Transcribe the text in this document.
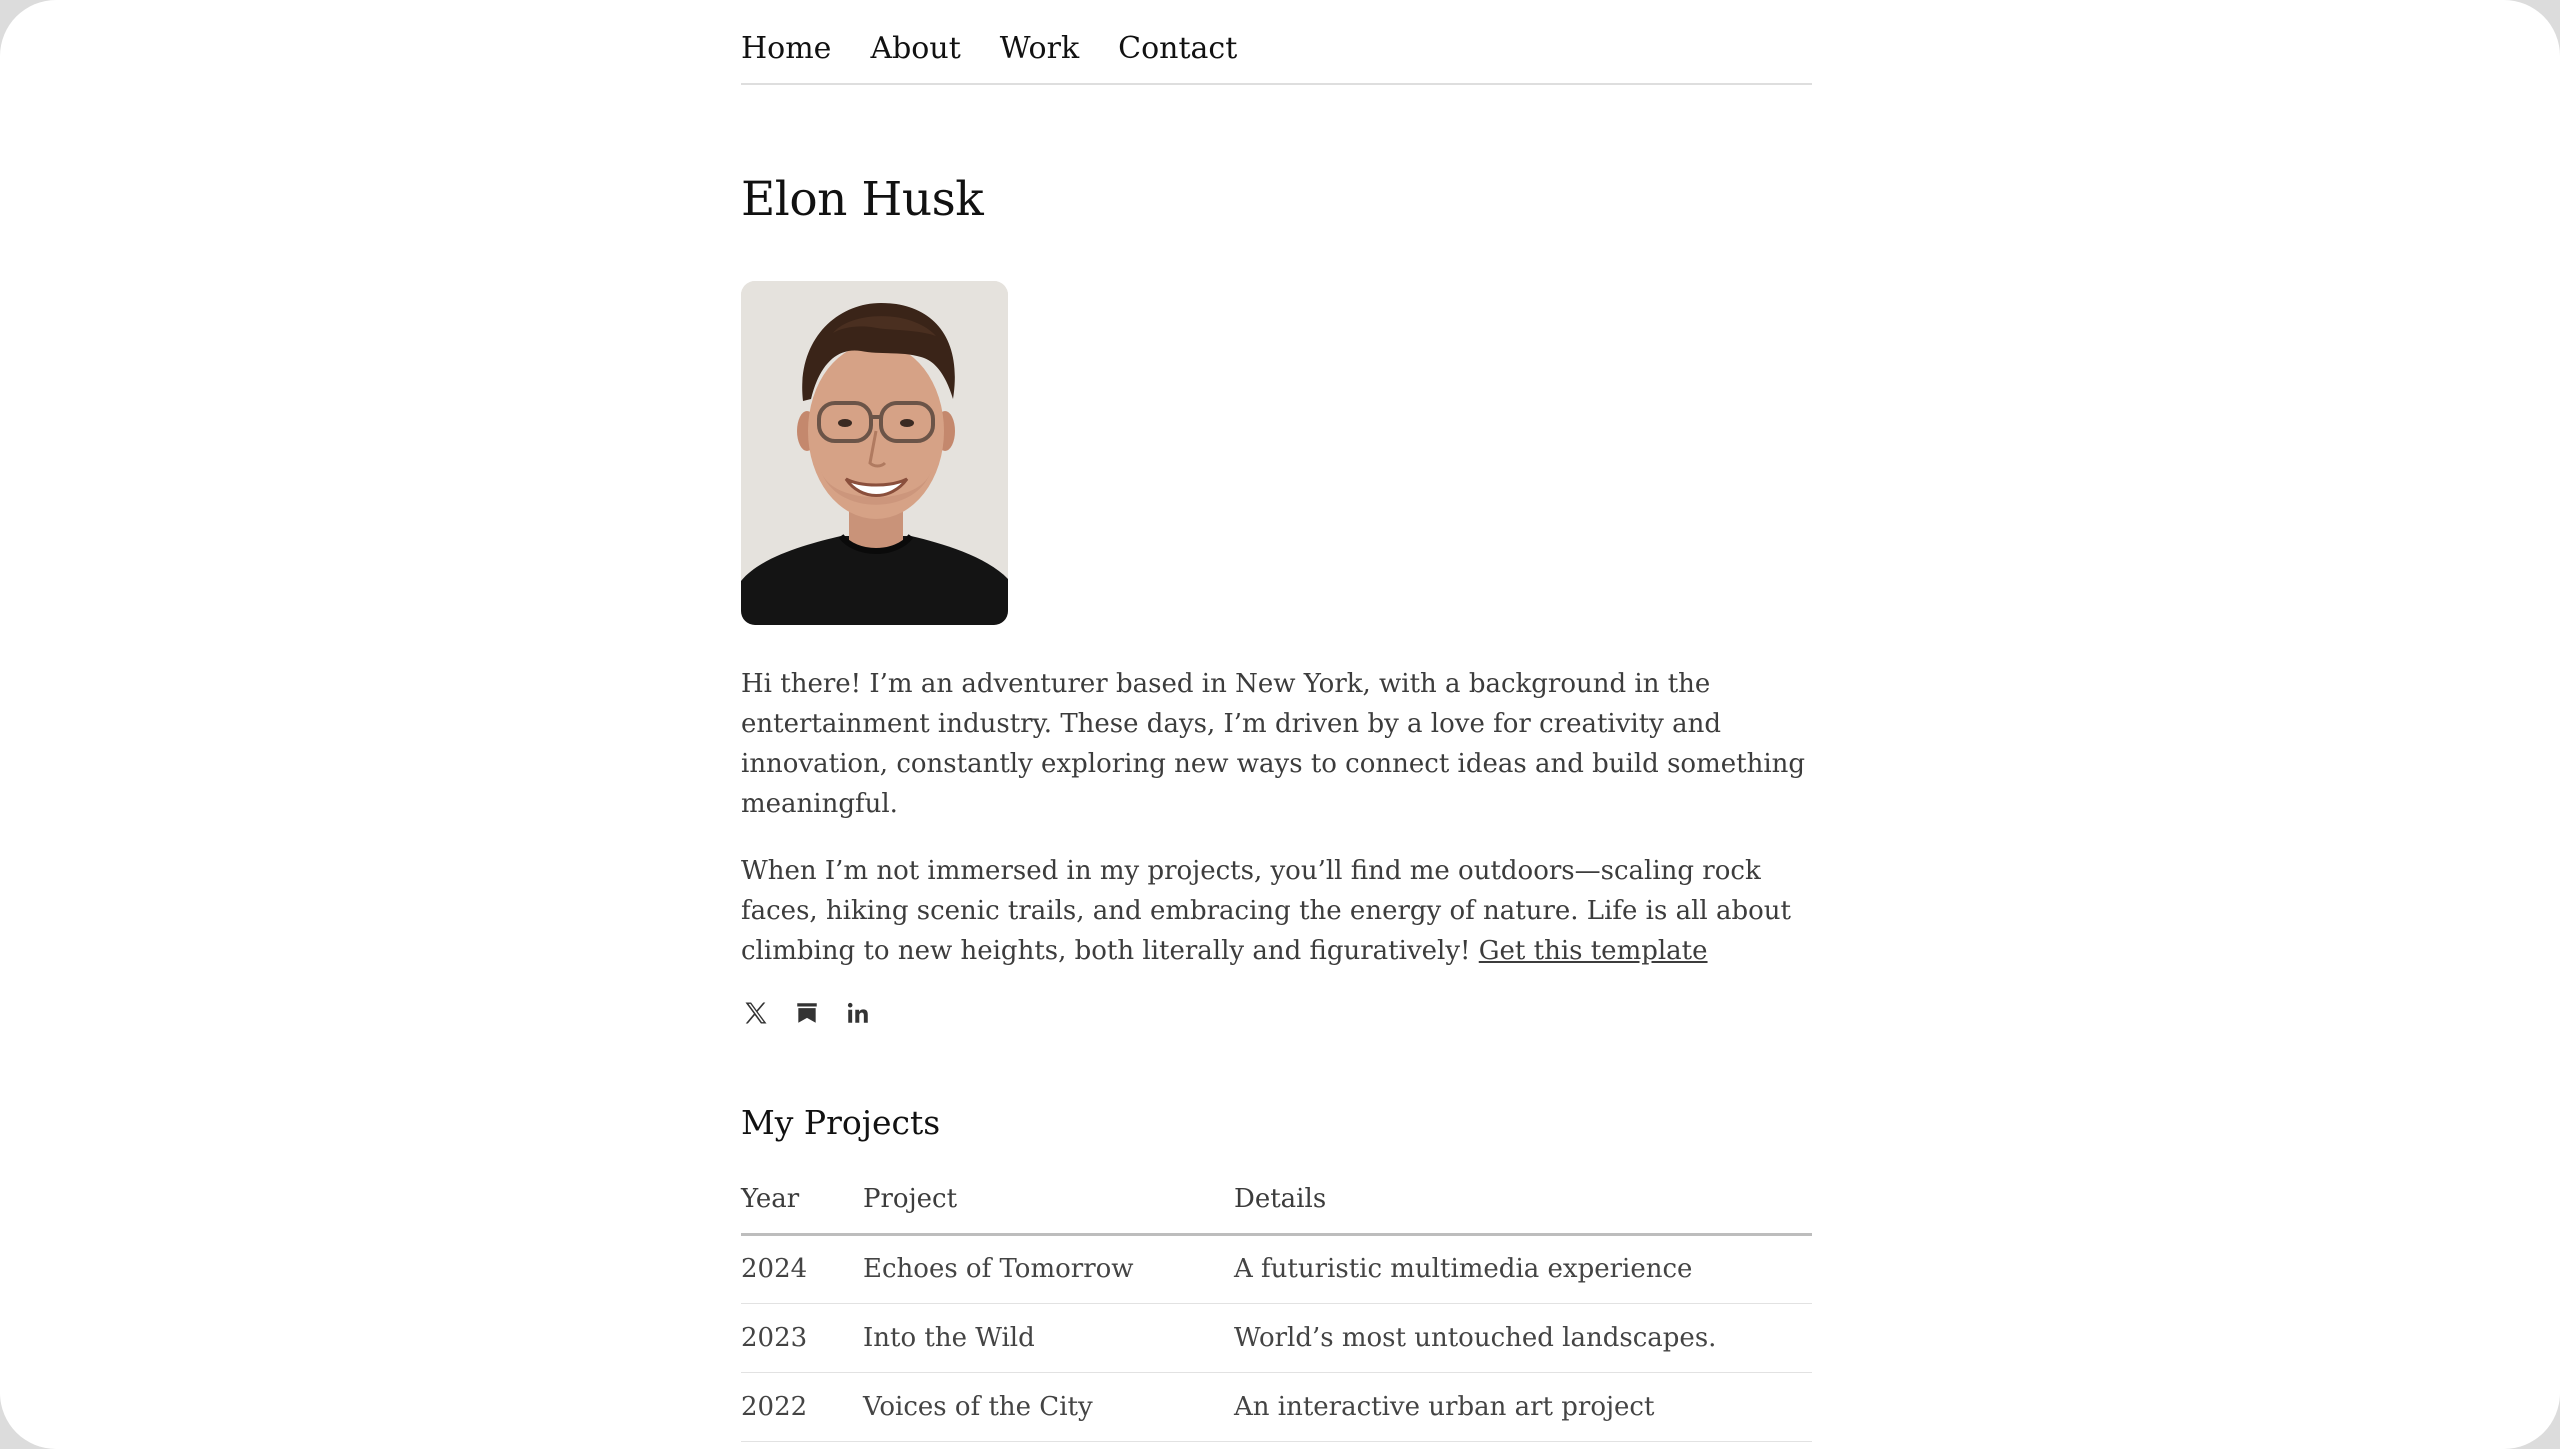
Home About Work Contact
Elon Husk

Hi there! I’m an adventurer based in New York, with a background in the entertainment industry. These days, I’m driven by a love for creativity and innovation, constantly exploring new ways to connect ideas and build something meaningful.

When I’m not immersed in my projects, you’ll find me outdoors—scaling rock faces, hiking scenic trails, and embracing the energy of nature. Life is all about climbing to new heights, both literally and figuratively! Get this template

My Projects
Year	Project	Details
2024	Echoes of Tomorrow	A futuristic multimedia experience
2023	Into the Wild	World’s most untouched landscapes.
2022	Voices of the City	An interactive urban art project
